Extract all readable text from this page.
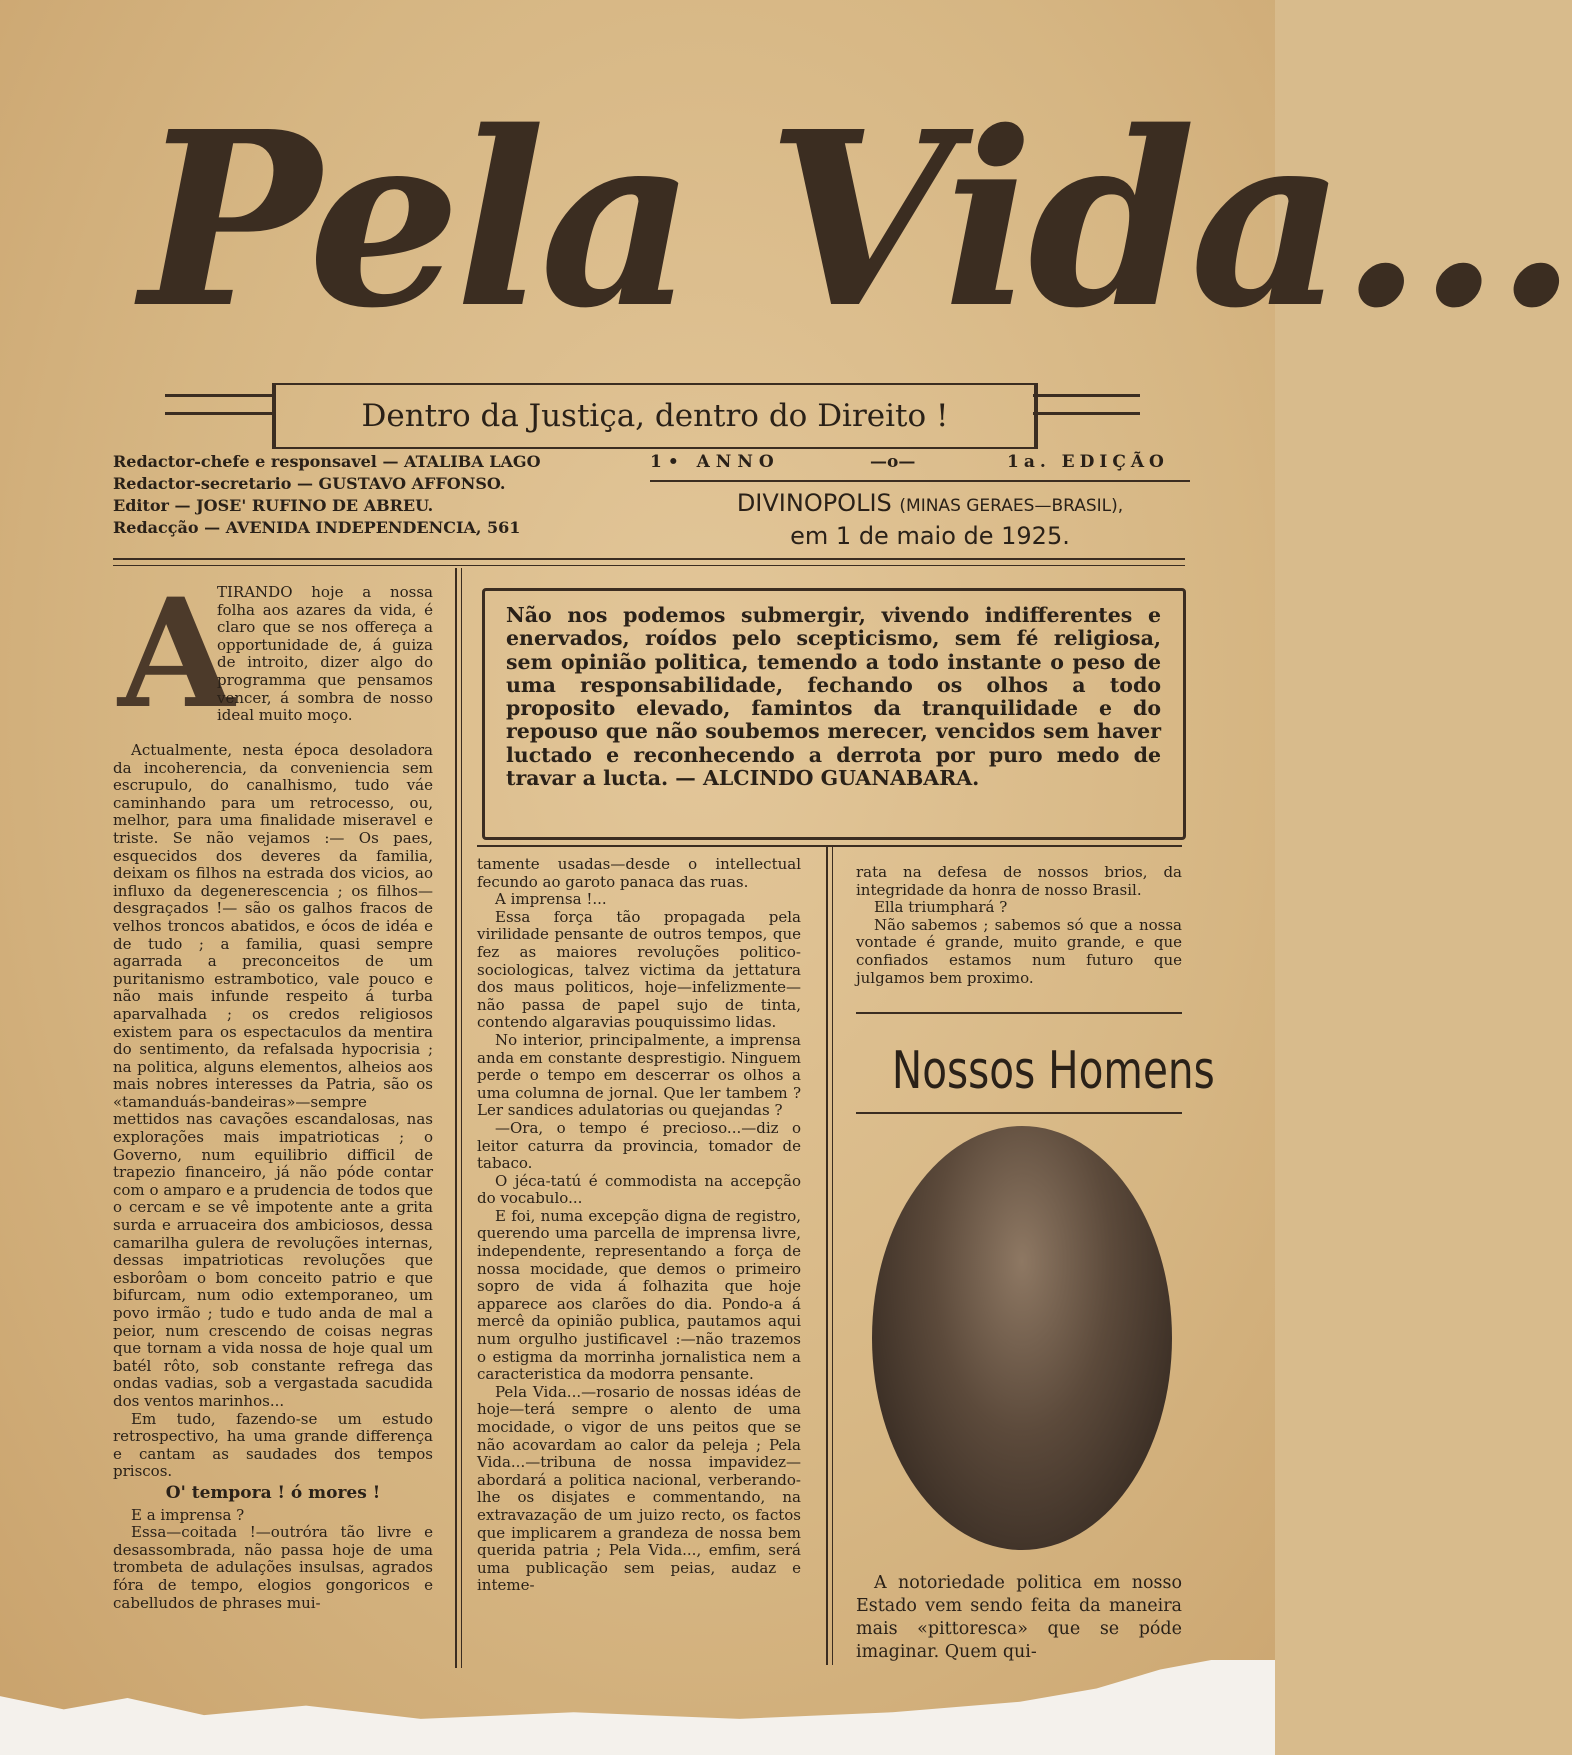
Pela Vida...
Dentro da Justiça, dentro do Direito !
Redactor-chefe e responsavel — ATALIBA LAGO
Redactor-secretario — GUSTAVO AFFONSO.
Editor — JOSE' RUFINO DE ABREU.
Redacção — AVENIDA INDEPENDENCIA, 561
1• ANNO	—o—	1a. EDIÇÃO
DIVINOPOLIS (MINAS GERAES—BRASIL),
em 1 de maio de 1925.
A

TIRANDO hoje a nossa folha aos azares da vida, é claro que se nos offereça a opportunidade de, á guiza de introito, dizer algo do programma que pensamos vencer, á sombra de nosso ideal muito moço.

Actualmente, nesta época desoladora da incoherencia, da conveniencia sem escrupulo, do canalhismo, tudo váe caminhando para um retrocesso, ou, melhor, para uma finalidade miseravel e triste. Se não vejamos :— Os paes, esquecidos dos deveres da familia, deixam os filhos na estrada dos vicios, ao influxo da degenerescencia ; os filhos—desgraçados !— são os galhos fracos de velhos troncos abatidos, e ócos de idéa e de tudo ; a familia, quasi sempre agarrada a preconceitos de um puritanismo estrambotico, vale pouco e não mais infunde respeito á turba aparvalhada ; os credos religiosos existem para os espectaculos da mentira do sentimento, da refalsada hypocrisia ; na politica, alguns elementos, alheios aos mais nobres interesses da Patria, são os «tamanduás-bandeiras»—sempre mettidos nas cavações escandalosas, nas explorações mais impatrioticas ; o Governo, num equilibrio difficil de trapezio financeiro, já não póde contar com o amparo e a prudencia de todos que o cercam e se vê impotente ante a grita surda e arruaceira dos ambiciosos, dessa camarilha gulera de revoluções internas, dessas impatrioticas revoluções que esborôam o bom conceito patrio e que bifurcam, num odio extemporaneo, um povo irmão ; tudo e tudo anda de mal a peior, num crescendo de coisas negras que tornam a vida nossa de hoje qual um batél rôto, sob constante refrega das ondas vadias, sob a vergastada sacudida dos ventos marinhos...

Em tudo, fazendo-se um estudo retrospectivo, ha uma grande differença e cantam as saudades dos tempos priscos.

O' tempora ! ó mores !

E a imprensa ?

Essa—coitada !—outróra tão livre e desassombrada, não passa hoje de uma trombeta de adulações insulsas, agrados fóra de tempo, elogios gongoricos e cabelludos de phrases mui-

Não nos podemos submergir, vivendo indifferentes e enervados, roídos pelo scepticismo, sem fé religiosa, sem opinião politica, temendo a todo instante o peso de uma responsabilidade, fechando os olhos a todo proposito elevado, famintos da tranquilidade e do repouso que não soubemos merecer, vencidos sem haver luctado e reconhecendo a derrota por puro medo de travar a lucta. — ALCINDO GUANABARA.

tamente usadas—desde o intellectual fecundo ao garoto panaca das ruas.

A imprensa !...

Essa força tão propagada pela virilidade pensante de outros tempos, que fez as maiores revoluções politico-sociologicas, talvez victima da jettatura dos maus politicos, hoje—infelizmente—não passa de papel sujo de tinta, contendo algaravias pouquissimo lidas.

No interior, principalmente, a imprensa anda em constante desprestigio. Ninguem perde o tempo em descerrar os olhos a uma columna de jornal. Que ler tambem ? Ler sandices adulatorias ou quejandas ?

—Ora, o tempo é precioso...—diz o leitor caturra da provincia, tomador de tabaco.

O jéca-tatú é commodista na accepção do vocabulo...

E foi, numa excepção digna de registro, querendo uma parcella de imprensa livre, independente, representando a força de nossa mocidade, que demos o primeiro sopro de vida á folhazita que hoje apparece aos clarões do dia. Pondo-a á mercê da opinião publica, pautamos aqui num orgulho justificavel :—não trazemos o estigma da morrinha jornalistica nem a caracteristica da modorra pensante.

Pela Vida...—rosario de nossas idéas de hoje—terá sempre o alento de uma mocidade, o vigor de uns peitos que se não acovardam ao calor da peleja ; Pela Vida...—tribuna de nossa impavidez—abordará a politica nacional, verberando-lhe os disjates e commentando, na extravazação de um juizo recto, os factos que implicarem a grandeza de nossa bem querida patria ; Pela Vida..., emfim, será uma publicação sem peias, audaz e inteme-

rata na defesa de nossos brios, da integridade da honra de nosso Brasil.

Ella triumphará ?

Não sabemos ; sabemos só que a nossa vontade é grande, muito grande, e que confiados estamos num futuro que julgamos bem proximo.

Nossos Homens

A notoriedade politica em nosso Estado vem sendo feita da maneira mais «pittoresca» que se póde imaginar. Quem qui-
